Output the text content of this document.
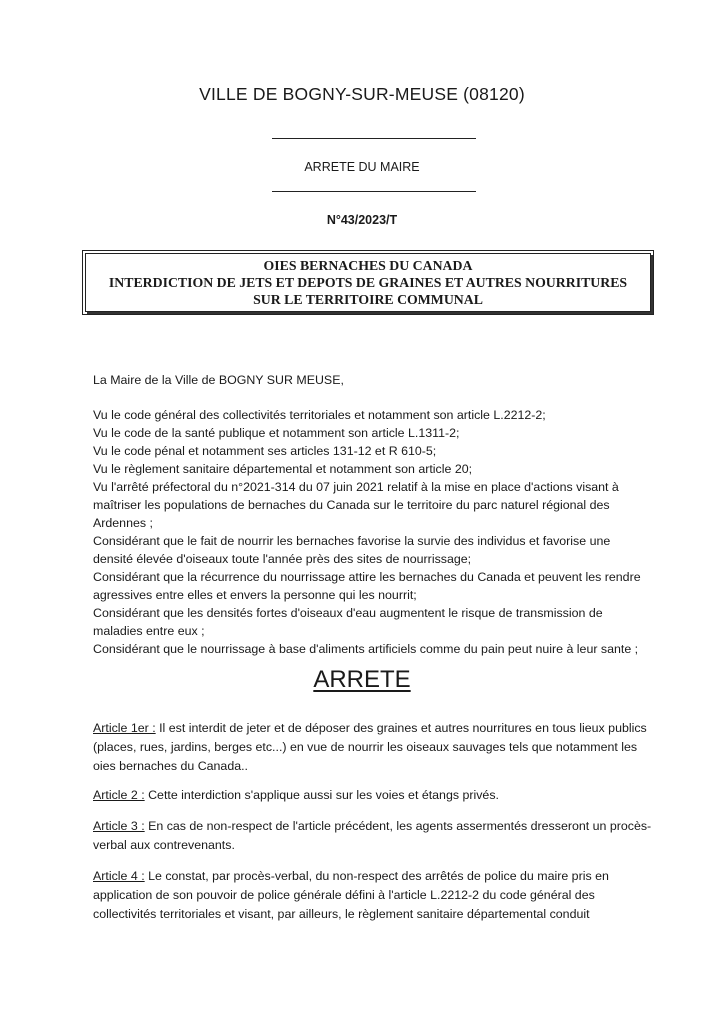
VILLE DE BOGNY-SUR-MEUSE (08120)
ARRETE DU MAIRE
N°43/2023/T
OIES BERNACHES DU CANADA
INTERDICTION DE JETS ET DEPOTS DE GRAINES ET AUTRES NOURRITURES
SUR LE TERRITOIRE COMMUNAL

La Maire de la Ville de BOGNY SUR MEUSE,

Vu le code général des collectivités territoriales et notamment son article L.2212-2;
Vu le code de la santé publique et notamment son article L.1311-2;
Vu le code pénal et notamment ses articles 131-12 et R 610-5;
Vu le règlement sanitaire départemental et notamment son article 20;
Vu l'arrêté préfectoral du n°2021-314 du 07 juin 2021 relatif à la mise en place d'actions visant à maîtriser les populations de bernaches du Canada sur le territoire du parc naturel régional des Ardennes ;
Considérant que le fait de nourrir les bernaches favorise la survie des individus et favorise une densité élevée d'oiseaux toute l'année près des sites de nourrissage;
Considérant que la récurrence du nourrissage attire les bernaches du Canada et peuvent les rendre agressives entre elles et envers la personne qui les nourrit;
Considérant que les densités fortes d'oiseaux d'eau augmentent le risque de transmission de maladies entre eux ;
Considérant que le nourrissage à base d'aliments artificiels comme du pain peut nuire à leur sante ;
ARRETE

Article 1er : Il est interdit de jeter et de déposer des graines et autres nourritures en tous lieux publics (places, rues, jardins, berges etc...) en vue de nourrir les oiseaux sauvages tels que notamment les oies bernaches du Canada..

Article 2 : Cette interdiction s'applique aussi sur les voies et étangs privés.

Article 3 : En cas de non-respect de l'article précédent, les agents assermentés dresseront un procès-verbal aux contrevenants.

Article 4 : Le constat, par procès-verbal, du non-respect des arrêtés de police du maire pris en application de son pouvoir de police générale défini à l'article L.2212-2 du code général des collectivités territoriales et visant, par ailleurs, le règlement sanitaire départemental conduit
